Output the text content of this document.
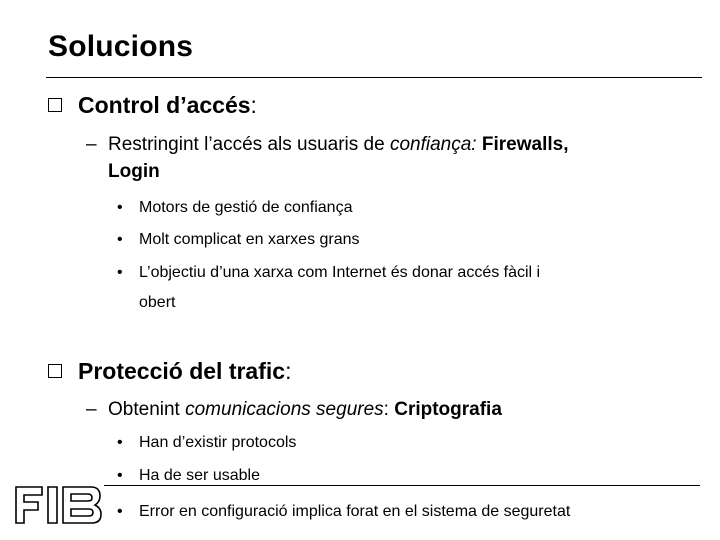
Solucions
Control d’accés:
– Restringint l’accés als usuaris de confiança: Firewalls,
Login
• Motors de gestió de confiança
• Molt complicat en xarxes grans
• L’objectiu d’una xarxa com Internet és donar accés fàcil i
obert
Protecció del trafic:
– Obtenint comunicacions segures: Criptografia
• Han d’existir protocols
• Ha de ser usable
• Error en configuració implica forat en el sistema de seguretat
